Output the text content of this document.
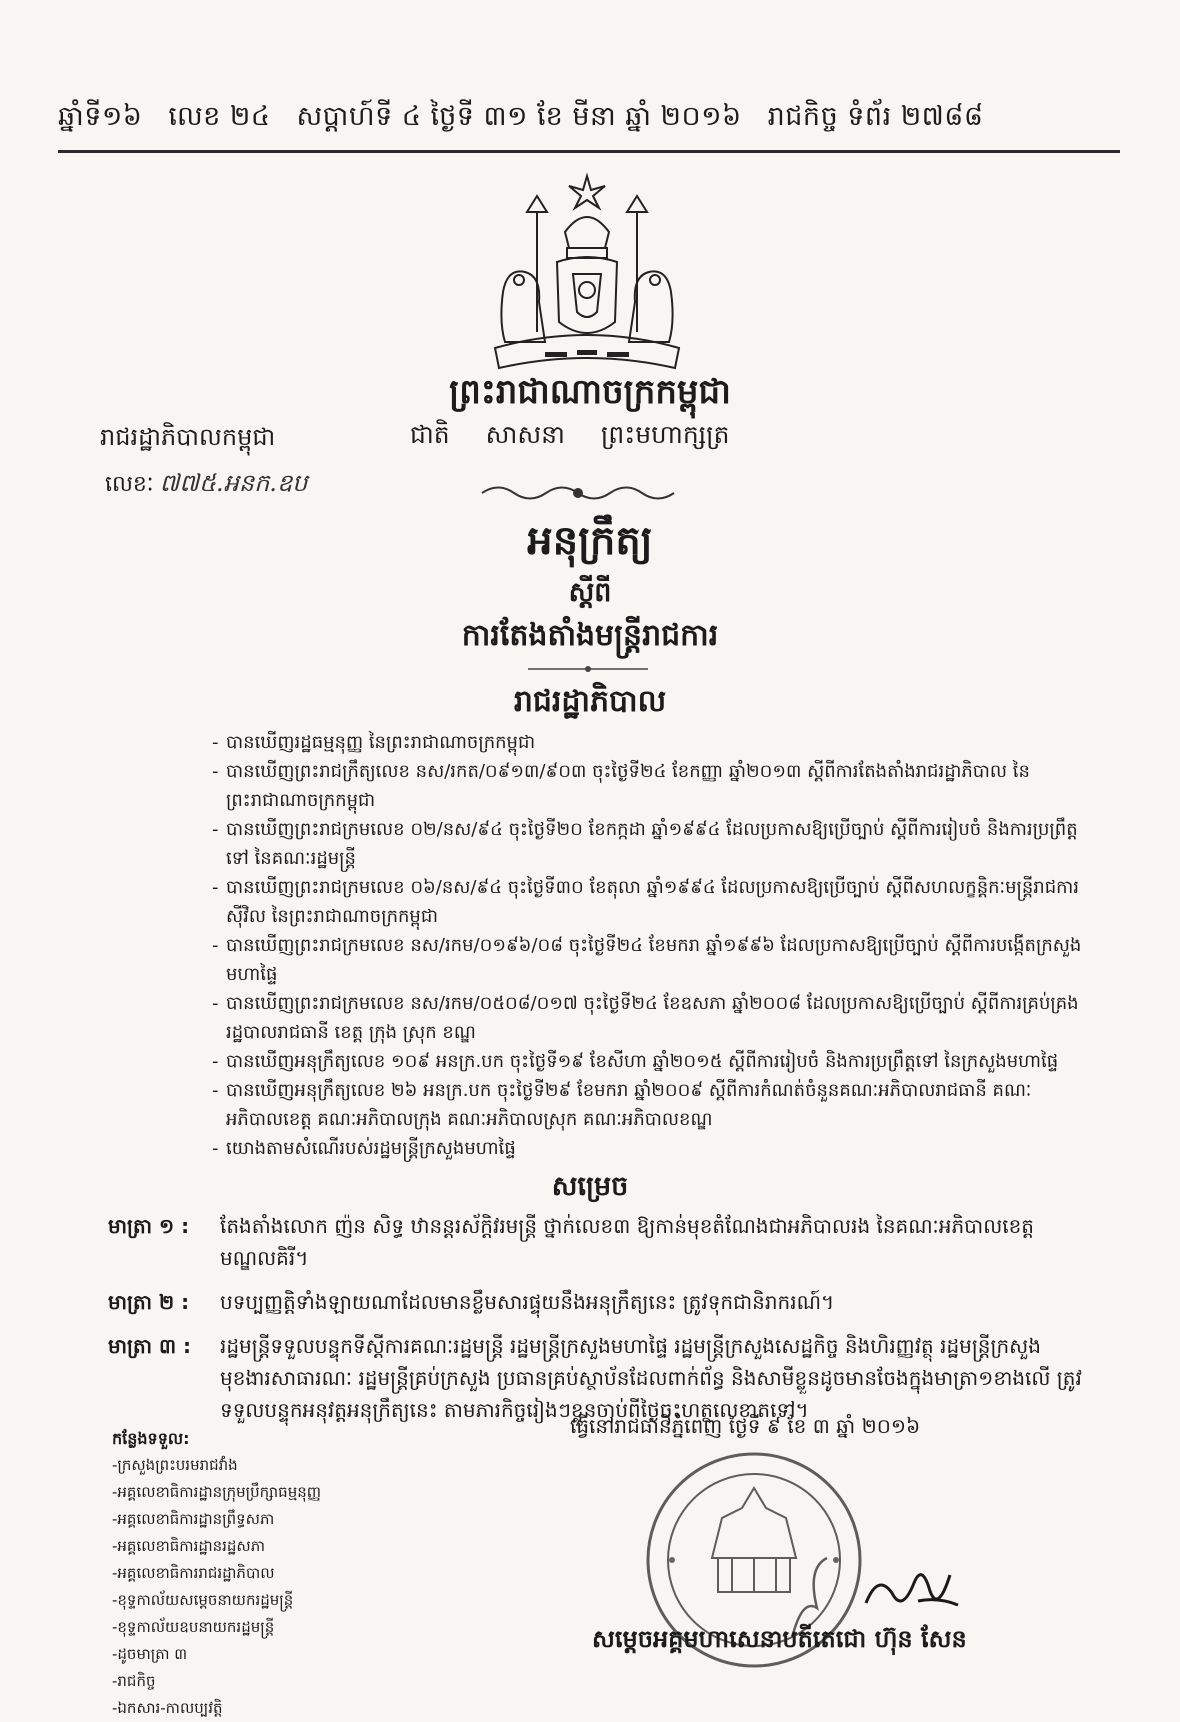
ឆ្នាំទី១៦ លេខ ២៤ សប្តាហ៍ទី ៤ ថ្ងៃទី ៣១ ខែ មីនា ឆ្នាំ ២០១៦ រាជកិច្ច ទំព័រ ២៧៨៨
ព្រះរាជាណាចក្រកម្ពុជា
រាជរដ្ឋាភិបាលកម្ពុជា	ជាតិ សាសនា ព្រះមហាក្សត្រ
លេខៈ ៧៧៥.អនក.ឧប
អនុក្រឹត្យ
ស្តីពី
ការតែងតាំងមន្ត្រីរាជការ
រាជរដ្ឋាភិបាល
- បានឃើញរដ្ឋធម្មនុញ្ញ នៃព្រះរាជាណាចក្រកម្ពុជា
- បានឃើញព្រះរាជក្រឹត្យលេខ នស/រកត/០៩១៣/៩០៣ ចុះថ្ងៃទី២៤ ខែកញ្ញា ឆ្នាំ២០១៣ ស្តីពីការតែងតាំងរាជរដ្ឋាភិបាល នៃព្រះរាជាណាចក្រកម្ពុជា
- បានឃើញព្រះរាជក្រមលេខ ០២/នស/៩៤ ចុះថ្ងៃទី២០ ខែកក្កដា ឆ្នាំ១៩៩៤ ដែលប្រកាសឱ្យប្រើច្បាប់ ស្តីពីការរៀបចំ និងការប្រព្រឹត្តទៅ នៃគណៈរដ្ឋមន្ត្រី
- បានឃើញព្រះរាជក្រមលេខ ០៦/នស/៩៤ ចុះថ្ងៃទី៣០ ខែតុលា ឆ្នាំ១៩៩៤ ដែលប្រកាសឱ្យប្រើច្បាប់ ស្តីពីសហលក្ខន្តិកៈមន្ត្រីរាជការស៊ីវិល នៃព្រះរាជាណាចក្រកម្ពុជា
- បានឃើញព្រះរាជក្រមលេខ នស/រកម/០១៩៦/០៨ ចុះថ្ងៃទី២៤ ខែមករា ឆ្នាំ១៩៩៦ ដែលប្រកាសឱ្យប្រើច្បាប់ ស្តីពីការបង្កើតក្រសួងមហាផ្ទៃ
- បានឃើញព្រះរាជក្រមលេខ នស/រកម/០៥០៨/០១៧ ចុះថ្ងៃទី២៤ ខែឧសភា ឆ្នាំ២០០៨ ដែលប្រកាសឱ្យប្រើច្បាប់ ស្តីពីការគ្រប់គ្រងរដ្ឋបាលរាជធានី ខេត្ត ក្រុង ស្រុក ខណ្ឌ
- បានឃើញអនុក្រឹត្យលេខ ១០៩ អនក្រ.បក ចុះថ្ងៃទី១៩ ខែសីហា ឆ្នាំ២០១៥ ស្តីពីការរៀបចំ និងការប្រព្រឹត្តទៅ នៃក្រសួងមហាផ្ទៃ
- បានឃើញអនុក្រឹត្យលេខ ២៦ អនក្រ.បក ចុះថ្ងៃទី២៩ ខែមករា ឆ្នាំ២០០៩ ស្តីពីការកំណត់ចំនួនគណៈអភិបាលរាជធានី គណៈអភិបាលខេត្ត គណៈអភិបាលក្រុង គណៈអភិបាលស្រុក គណៈអភិបាលខណ្ឌ
- យោងតាមសំណើរបស់រដ្ឋមន្ត្រីក្រសួងមហាផ្ទៃ
សម្រេច
មាត្រា ១ :	តែងតាំងលោក ញ៉ន សិទ្ធ ឋានន្តរស័ក្តិវរមន្ត្រី ថ្នាក់លេខ៣ ឱ្យកាន់មុខតំណែងជាអភិបាលរង នៃគណៈអភិបាលខេត្តមណ្ឌលគិរី។
មាត្រា ២ :	បទប្បញ្ញត្តិទាំងឡាយណាដែលមានខ្លឹមសារផ្ទុយនឹងអនុក្រឹត្យនេះ ត្រូវទុកជានិរាករណ៍។
មាត្រា ៣ :	រដ្ឋមន្ត្រីទទួលបន្ទុកទីស្តីការគណៈរដ្ឋមន្ត្រី រដ្ឋមន្ត្រីក្រសួងមហាផ្ទៃ រដ្ឋមន្ត្រីក្រសួងសេដ្ឋកិច្ច និងហិរញ្ញវត្ថុ រដ្ឋមន្ត្រីក្រសួងមុខងារសាធារណៈ រដ្ឋមន្ត្រីគ្រប់ក្រសួង ប្រធានគ្រប់ស្ថាប័នដែលពាក់ព័ន្ធ និងសាមីខ្លួនដូចមានចែងក្នុងមាត្រា១ខាងលើ ត្រូវទទួលបន្ទុកអនុវត្តអនុក្រឹត្យនេះ តាមភារកិច្ចរៀងៗខ្លួនចាប់ពីថ្ងៃចុះហត្ថលេខាតទៅ។
ធ្វើនៅរាជធានីភ្នំពេញ ថ្ងៃទី ៩ ខែ ៣ ឆ្នាំ ២០១៦
កន្លែងទទួល:
-ក្រសួងព្រះបរមរាជវាំង
-អគ្គលេខាធិការដ្ឋានក្រុមប្រឹក្សាធម្មនុញ្ញ
-អគ្គលេខាធិការដ្ឋានព្រឹទ្ធសភា
-អគ្គលេខាធិការដ្ឋានរដ្ឋសភា
-អគ្គលេខាធិការរាជរដ្ឋាភិបាល
-ខុទ្ទកាល័យសម្តេចនាយករដ្ឋមន្ត្រី
-ខុទ្ទកាល័យឧបនាយករដ្ឋមន្ត្រី
-ដូចមាត្រា ៣
-រាជកិច្ច
-ឯកសារ-កាលប្បវត្តិ
សម្តេចអគ្គមហាសេនាបតីតេជោ ហ៊ុន សែន
